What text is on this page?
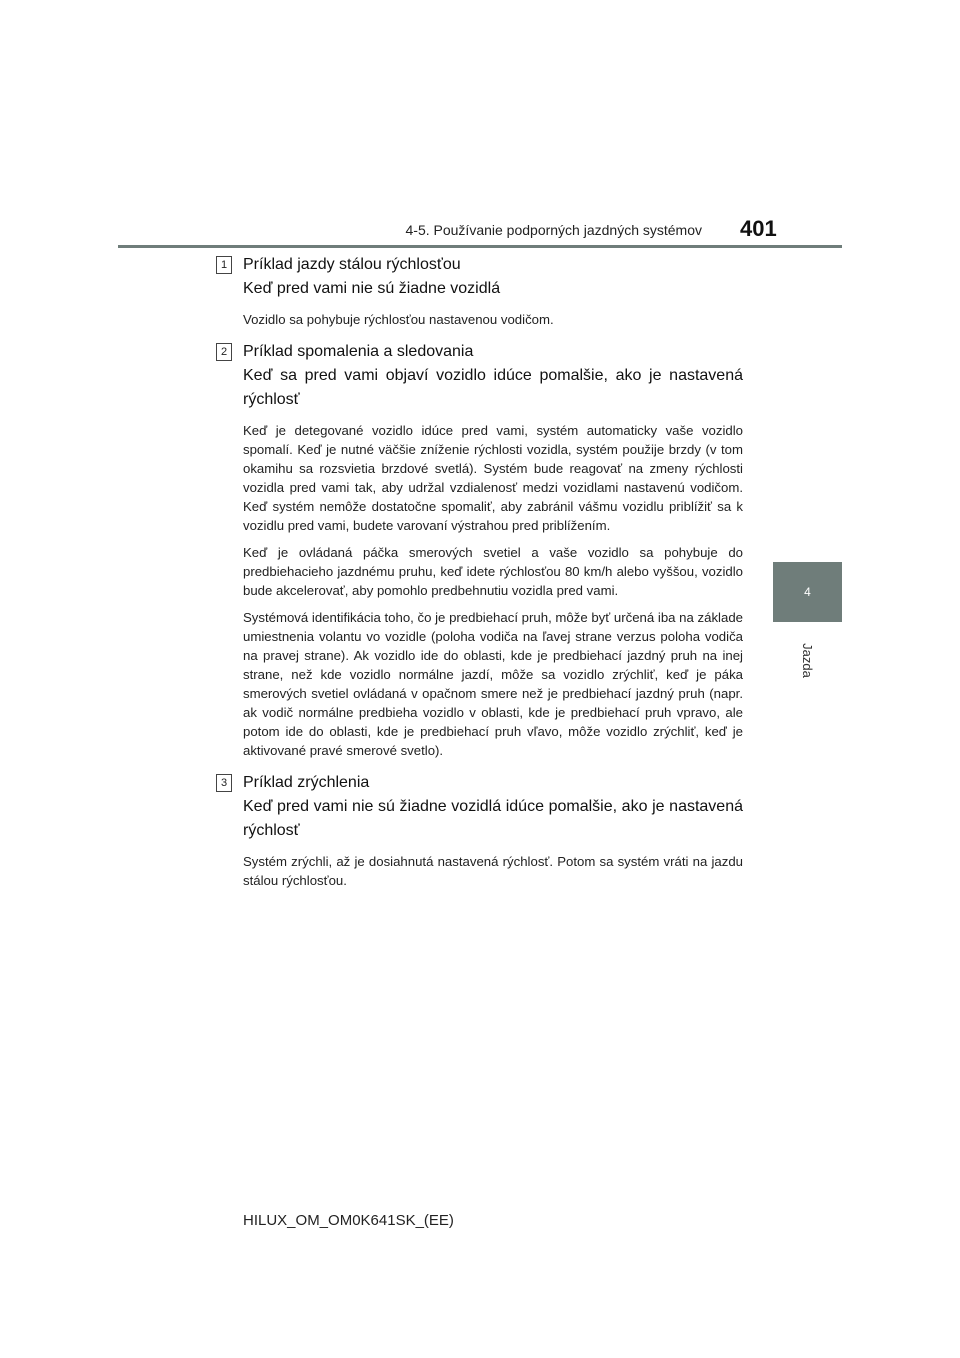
4-5. Používanie podporných jazdných systémov 401
4
Jazda
1 Príklad jazdy stálou rýchlosťou

Keď pred vami nie sú žiadne vozidlá

Vozidlo sa pohybuje rýchlosťou nastavenou vodičom.

2 Príklad spomalenia a sledovania

Keď sa pred vami objaví vozidlo idúce pomalšie, ako je nastavená rýchlosť

Keď je detegované vozidlo idúce pred vami, systém automaticky vaše vozidlo spomalí. Keď je nutné väčšie zníženie rýchlosti vozidla, systém použije brzdy (v tom okamihu sa rozsvietia brzdové svetlá). Systém bude reagovať na zmeny rýchlosti vozidla pred vami tak, aby udržal vzdialenosť medzi vozidlami nastavenú vodičom. Keď systém nemôže dostatočne spomaliť, aby zabránil vášmu vozidlu priblížiť sa k vozidlu pred vami, budete varovaní výstrahou pred priblížením.

Keď je ovládaná páčka smerových svetiel a vaše vozidlo sa pohybuje do predbiehacieho jazdnému pruhu, keď idete rýchlosťou 80 km/h alebo vyššou, vozidlo bude akcelerovať, aby pomohlo predbehnutiu vozidla pred vami.

Systémová identifikácia toho, čo je predbiehací pruh, môže byť určená iba na základe umiestnenia volantu vo vozidle (poloha vodiča na ľavej strane verzus poloha vodiča na pravej strane). Ak vozidlo ide do oblasti, kde je predbiehací jazdný pruh na inej strane, než kde vozidlo normálne jazdí, môže sa vozidlo zrýchliť, keď je páka smerových svetiel ovládaná v opačnom smere než je predbiehací jazdný pruh (napr. ak vodič normálne predbieha vozidlo v oblasti, kde je predbiehací pruh vpravo, ale potom ide do oblasti, kde je predbiehací pruh vľavo, môže vozidlo zrýchliť, keď je aktivované pravé smerové svetlo).

3 Príklad zrýchlenia

Keď pred vami nie sú žiadne vozidlá idúce pomalšie, ako je nastavená rýchlosť

Systém zrýchli, až je dosiahnutá nastavená rýchlosť. Potom sa systém vráti na jazdu stálou rýchlosťou.

HILUX_OM_OM0K641SK_(EE)
